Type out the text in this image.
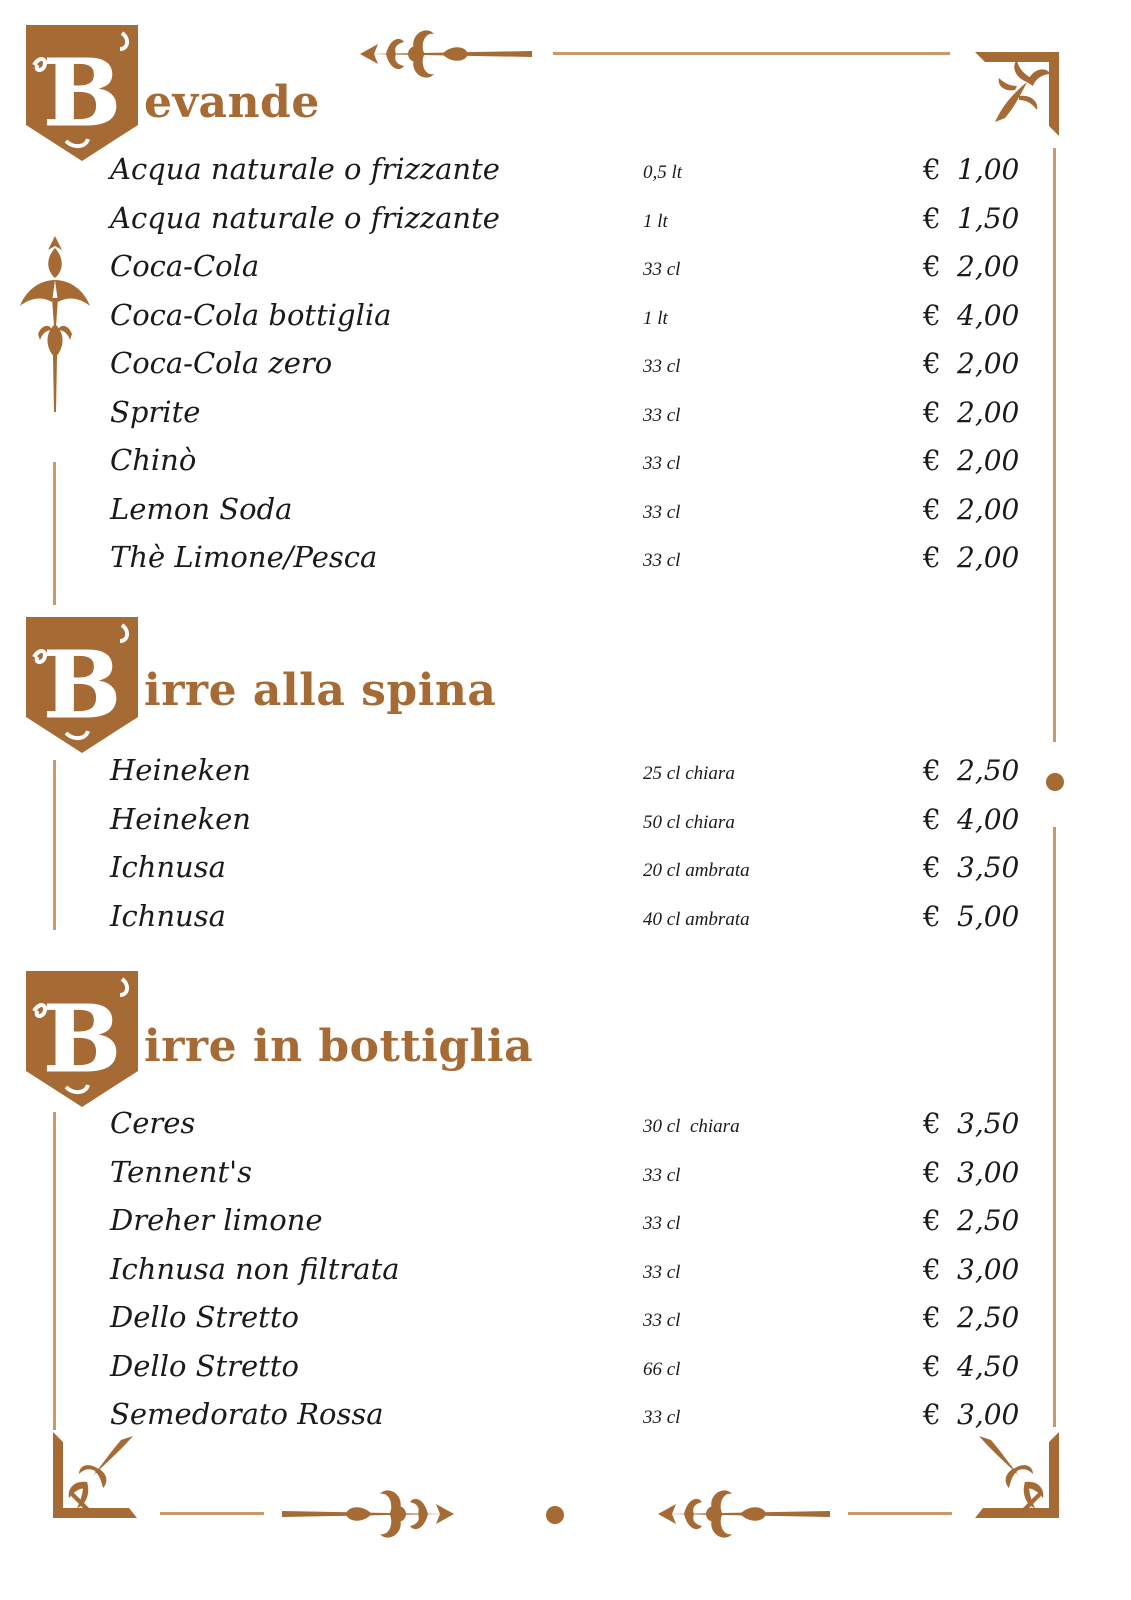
B evande
Acqua naturale o frizzante	0,5 lt	€ 1,00
Acqua naturale o frizzante	1 lt	€ 1,50
Coca-Cola	33 cl	€ 2,00
Coca-Cola bottiglia	1 lt	€ 4,00
Coca-Cola zero	33 cl	€ 2,00
Sprite	33 cl	€ 2,00
Chinò	33 cl	€ 2,00
Lemon Soda	33 cl	€ 2,00
Thè Limone/Pesca	33 cl	€ 2,00
B irre alla spina
Heineken	25 cl chiara	€ 2,50
Heineken	50 cl chiara	€ 4,00
Ichnusa	20 cl ambrata	€ 3,50
Ichnusa	40 cl ambrata	€ 5,00
B irre in bottiglia
Ceres	30 cl  chiara	€ 3,50
Tennent's	33 cl	€ 3,00
Dreher limone	33 cl	€ 2,50
Ichnusa non filtrata	33 cl	€ 3,00
Dello Stretto	33 cl	€ 2,50
Dello Stretto	66 cl	€ 4,50
Semedorato Rossa	33 cl	€ 3,00
